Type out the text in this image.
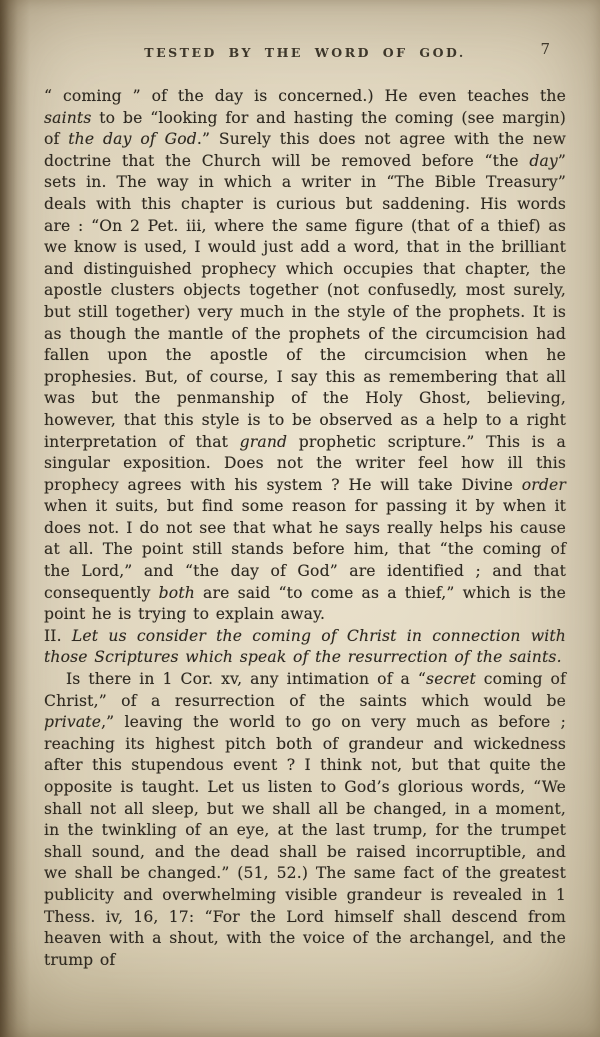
TESTED BY THE WORD OF GOD.	7

“ coming ” of the day is concerned.) He even teaches the saints to be “looking for and hasting the coming (see margin) of the day of God.” Surely this does not agree with the new doctrine that the Church will be removed before “the day” sets in. The way in which a writer in “The Bible Treasury” deals with this chapter is curious but saddening. His words are : “On 2 Pet. iii, where the same figure (that of a thief) as we know is used, I would just add a word, that in the brilliant and distinguished prophecy which occupies that chapter, the apostle clusters objects together (not confusedly, most surely, but still together) very much in the style of the prophets. It is as though the mantle of the prophets of the circumcision had fallen upon the apostle of the circumcision when he prophesies. But, of course, I say this as remembering that all was but the penmanship of the Holy Ghost, believing, however, that this style is to be observed as a help to a right interpretation of that grand prophetic scripture.” This is a singular exposition. Does not the writer feel how ill this prophecy agrees with his system ? He will take Divine order when it suits, but find some reason for passing it by when it does not. I do not see that what he says really helps his cause at all. The point still stands before him, that “the coming of the Lord,” and “the day of God” are identified ; and that consequently both are said “to come as a thief,” which is the point he is trying to explain away.

II. Let us consider the coming of Christ in connection with those Scriptures which speak of the resurrection of the saints.

Is there in 1 Cor. xv, any intimation of a “secret coming of Christ,” of a resurrection of the saints which would be private,” leaving the world to go on very much as before ; reaching its highest pitch both of grandeur and wickedness after this stupendous event ? I think not, but that quite the opposite is taught. Let us listen to God’s glorious words, “We shall not all sleep, but we shall all be changed, in a moment, in the twinkling of an eye, at the last trump, for the trumpet shall sound, and the dead shall be raised incorruptible, and we shall be changed.” (51, 52.) The same fact of the greatest publicity and overwhelming visible grandeur is revealed in 1 Thess. iv, 16, 17: “For the Lord himself shall descend from heaven with a shout, with the voice of the archangel, and the trump of
